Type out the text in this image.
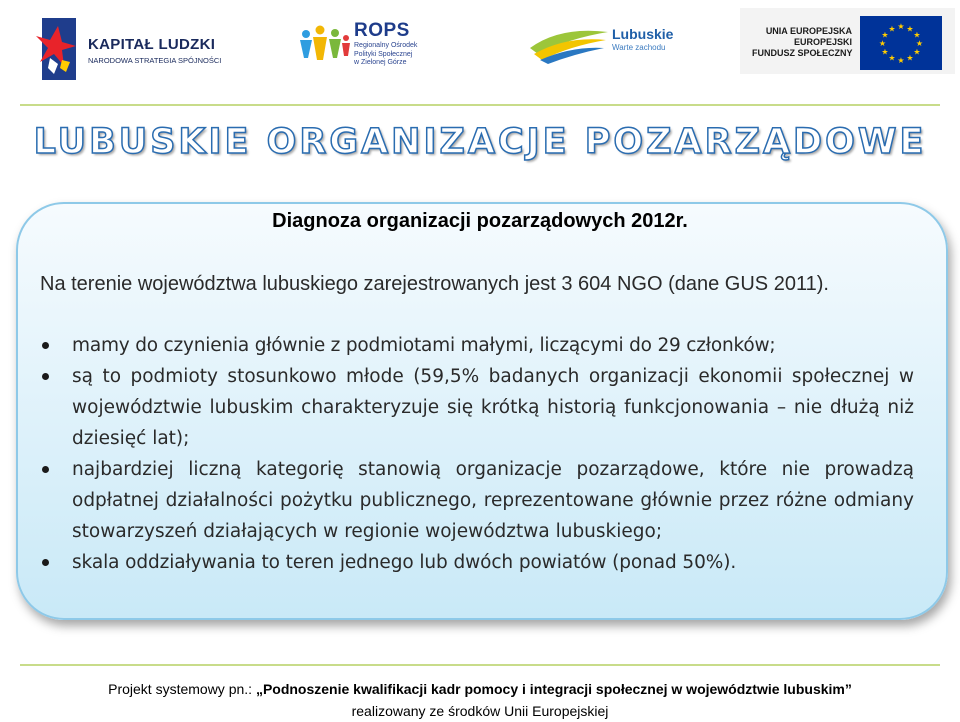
KAPITAŁ LUDZKI
NARODOWA STRATEGIA SPÓJNOŚCI
ROPS
Regionalny Ośrodek
Polityki Społecznej
w Zielonej Górze
Lubuskie
Warte zachodu
UNIA EUROPEJSKA
EUROPEJSKI
FUNDUSZ SPOŁECZNY
★ ★
★
★
★
★
★
★
★
★
★
★
LUBUSKIE ORGANIZACJE POZARZĄDOWE
Diagnoza organizacji pozarządowych 2012r.
Na terenie województwa lubuskiego zarejestrowanych jest 3 604 NGO (dane GUS 2011).
mamy do czynienia głównie z podmiotami małymi, liczącymi do 29 członków;
są to podmioty stosunkowo młode (59,5% badanych organizacji ekonomii społecznej w województwie lubuskim charakteryzuje się krótką historią funkcjonowania – nie dłużą niż dziesięć lat);
najbardziej liczną kategorię stanowią organizacje pozarządowe, które nie prowadzą odpłatnej działalności pożytku publicznego, reprezentowane głównie przez różne odmiany stowarzyszeń działających w regionie województwa lubuskiego;
skala oddziaływania to teren jednego lub dwóch powiatów (ponad 50%).
Projekt systemowy pn.: „Podnoszenie kwalifikacji kadr pomocy i integracji społecznej w województwie lubuskim”
realizowany ze środków Unii Europejskiej
